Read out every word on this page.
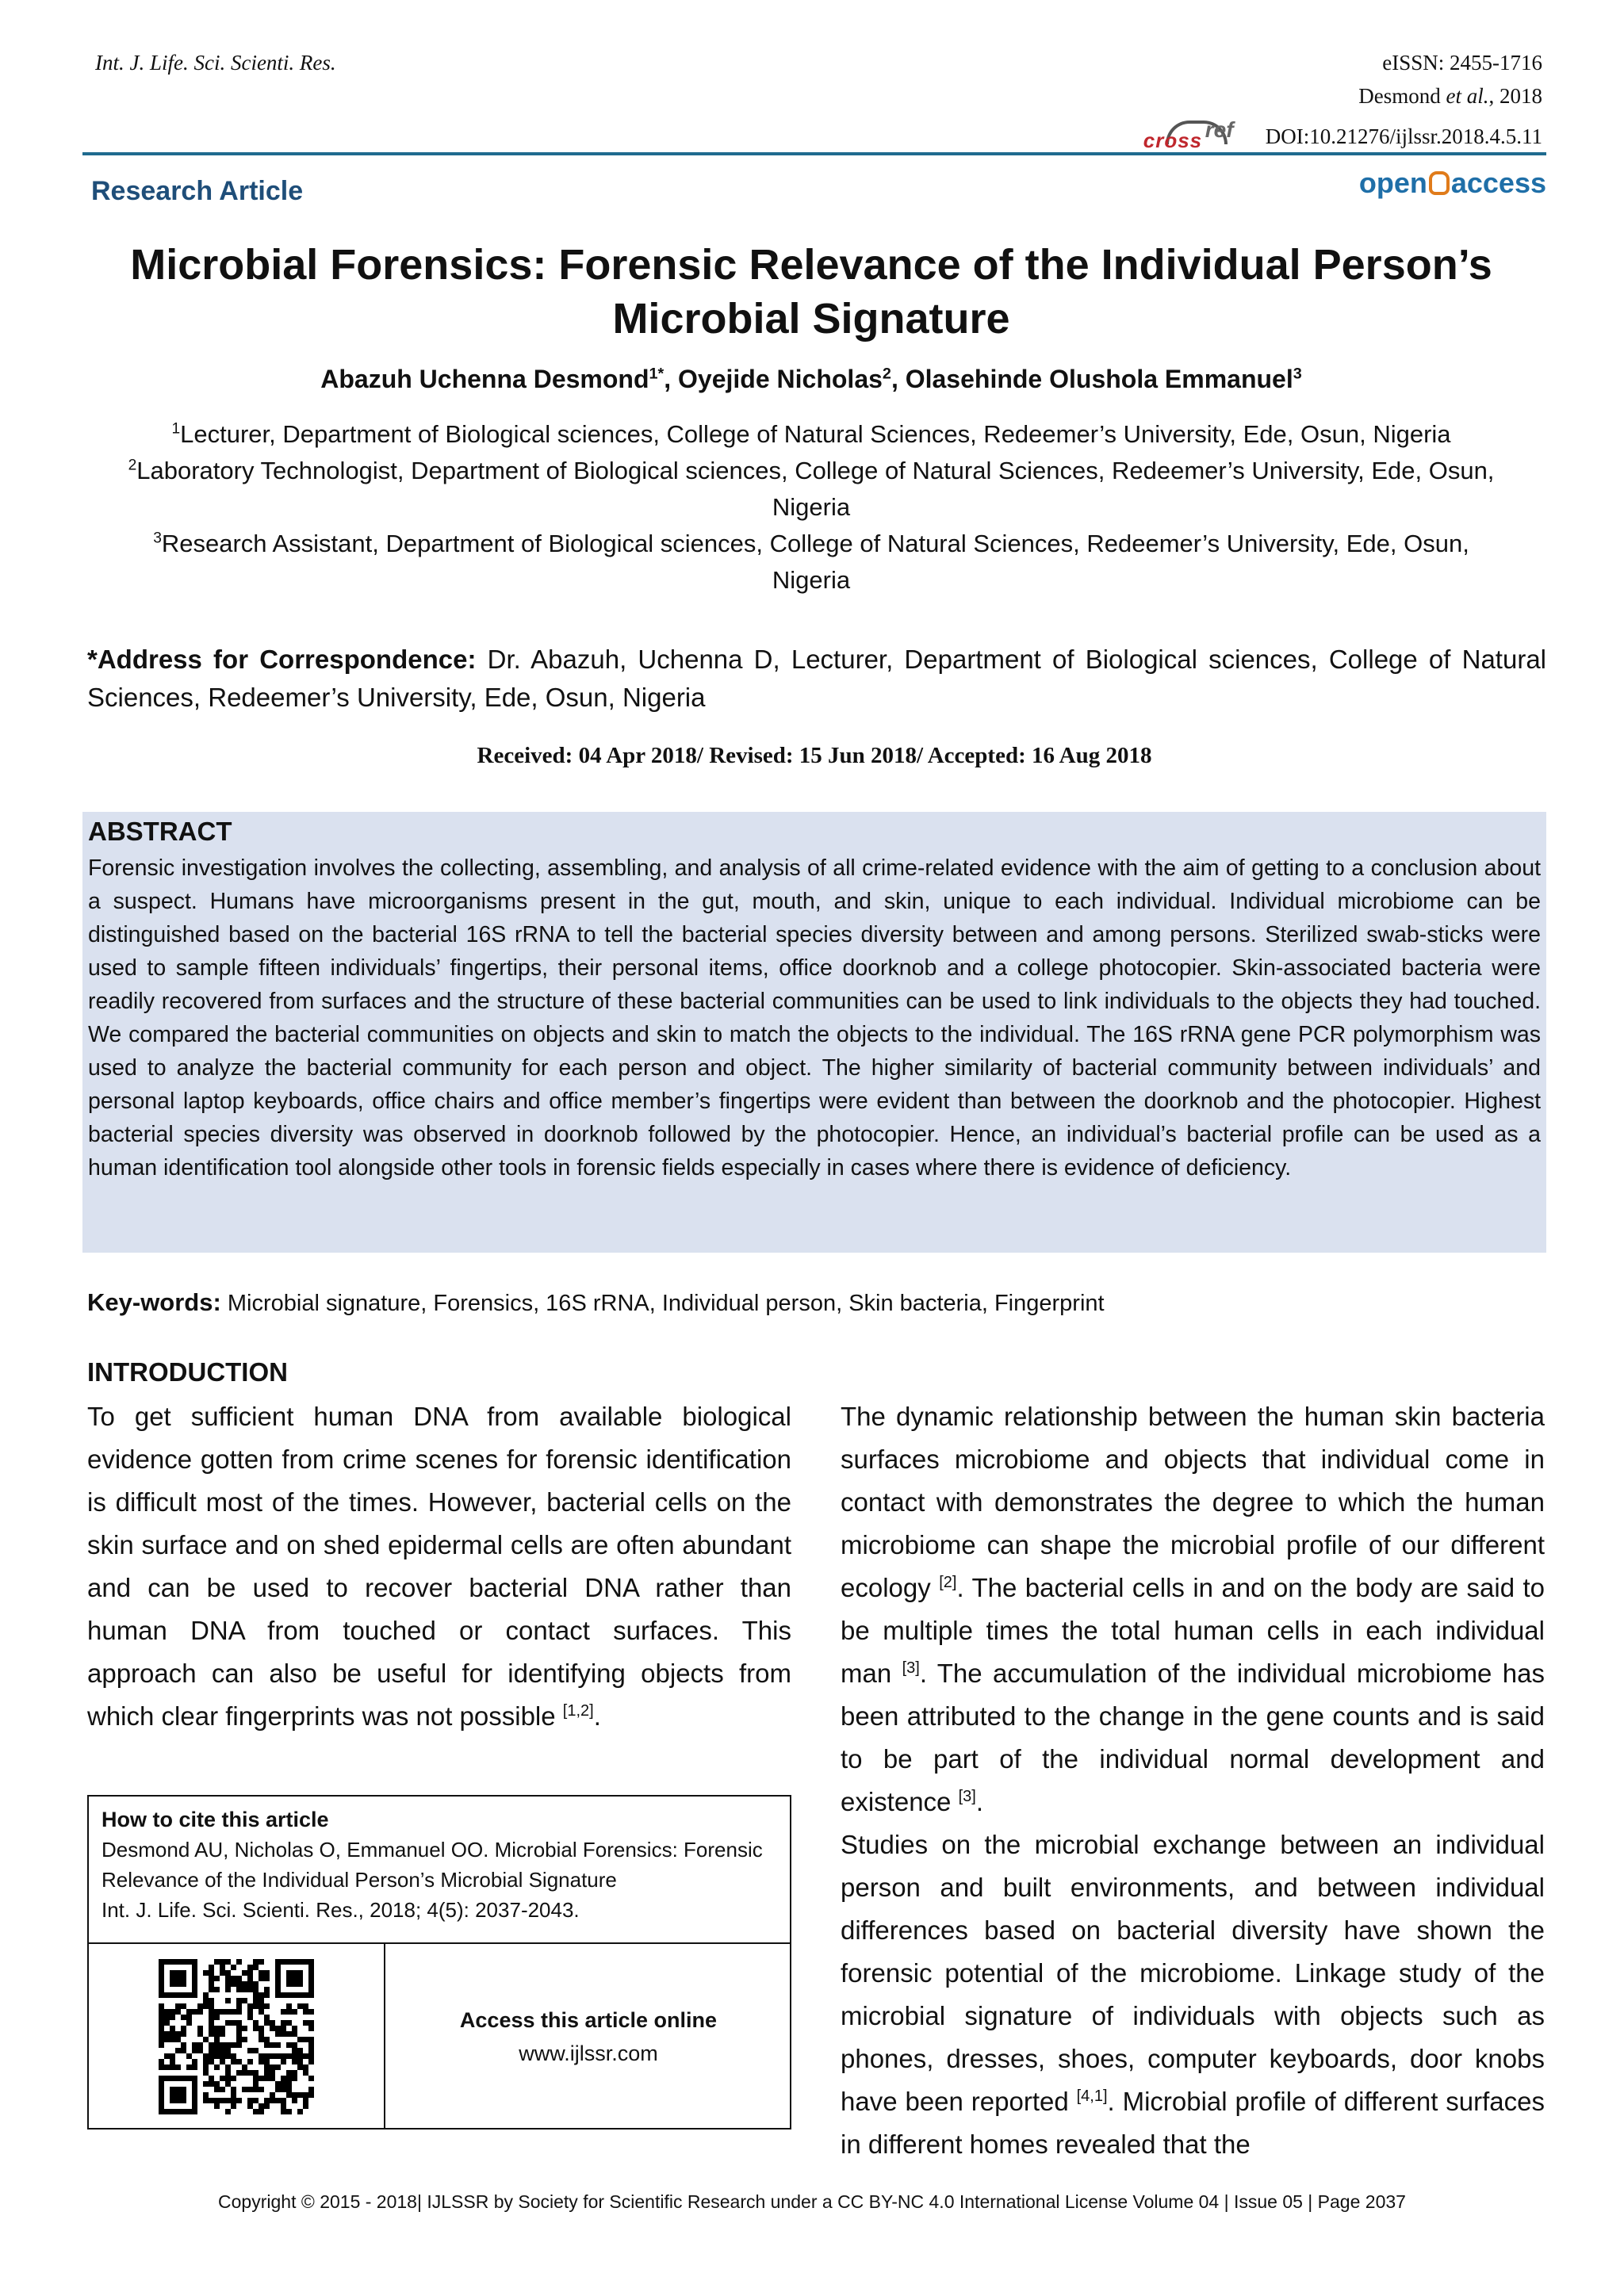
Int. J. Life. Sci. Scienti. Res.	eISSN: 2455-1716
Desmond et al., 2018
cross ref DOI:10.21276/ijlssr.2018.4.5.11
Research Article	open access
Microbial Forensics: Forensic Relevance of the Individual Person’s Microbial Signature
Abazuh Uchenna Desmond$^{1*}$, Oyejide Nicholas$^2$, Olasehinde Olushola Emmanuel$^3$
$^1$Lecturer, Department of Biological sciences, College of Natural Sciences, Redeemer’s University, Ede, Osun, Nigeria
$^2$Laboratory Technologist, Department of Biological sciences, College of Natural Sciences, Redeemer’s University, Ede, Osun, Nigeria
$^3$Research Assistant, Department of Biological sciences, College of Natural Sciences, Redeemer’s University, Ede, Osun, Nigeria
*Address for Correspondence: Dr. Abazuh, Uchenna D, Lecturer, Department of Biological sciences, College of Natural Sciences, Redeemer’s University, Ede, Osun, Nigeria
Received: 04 Apr 2018/ Revised: 15 Jun 2018/ Accepted: 16 Aug 2018
ABSTRACT
Forensic investigation involves the collecting, assembling, and analysis of all crime-related evidence with the aim of getting to a conclusion about a suspect. Humans have microorganisms present in the gut, mouth, and skin, unique to each individual. Individual microbiome can be distinguished based on the bacterial 16S rRNA to tell the bacterial species diversity between and among persons. Sterilized swab-sticks were used to sample fifteen individuals’ fingertips, their personal items, office doorknob and a college photocopier. Skin-associated bacteria were readily recovered from surfaces and the structure of these bacterial communities can be used to link individuals to the objects they had touched. We compared the bacterial communities on objects and skin to match the objects to the individual. The 16S rRNA gene PCR polymorphism was used to analyze the bacterial community for each person and object. The higher similarity of bacterial community between individuals’ and personal laptop keyboards, office chairs and office member’s fingertips were evident than between the doorknob and the photocopier. Highest bacterial species diversity was observed in doorknob followed by the photocopier. Hence, an individual’s bacterial profile can be used as a human identification tool alongside other tools in forensic fields especially in cases where there is evidence of deficiency.
Key-words: Microbial signature, Forensics, 16S rRNA, Individual person, Skin bacteria, Fingerprint
INTRODUCTION

To get sufficient human DNA from available biological evidence gotten from crime scenes for forensic identification is difficult most of the times. However, bacterial cells on the skin surface and on shed epidermal cells are often abundant and can be used to recover bacterial DNA rather than human DNA from touched or contact surfaces. This approach can also be useful for identifying objects from which clear fingerprints was not possible [1,2].

How to cite this article
Desmond AU, Nicholas O, Emmanuel OO. Microbial Forensics: Forensic Relevance of the Individual Person’s Microbial Signature
Int. J. Life. Sci. Scienti. Res., 2018; 4(5): 2037-2043.
Access this article online
www.ijlssr.com

The dynamic relationship between the human skin bacteria surfaces microbiome and objects that individual come in contact with demonstrates the degree to which the human microbiome can shape the microbial profile of our different ecology [2]. The bacterial cells in and on the body are said to be multiple times the total human cells in each individual man [3]. The accumulation of the individual microbiome has been attributed to the change in the gene counts and is said to be part of the individual normal development and existence [3].

Studies on the microbial exchange between an individual person and built environments, and between individual differences based on bacterial diversity have shown the forensic potential of the microbiome. Linkage study of the microbial signature of individuals with objects such as phones, dresses, shoes, computer keyboards, door knobs have been reported [4,1]. Microbial profile of different surfaces in different homes revealed that the

Copyright © 2015 - 2018| IJLSSR by Society for Scientific Research under a CC BY-NC 4.0 International License Volume 04 | Issue 05 | Page 2037
